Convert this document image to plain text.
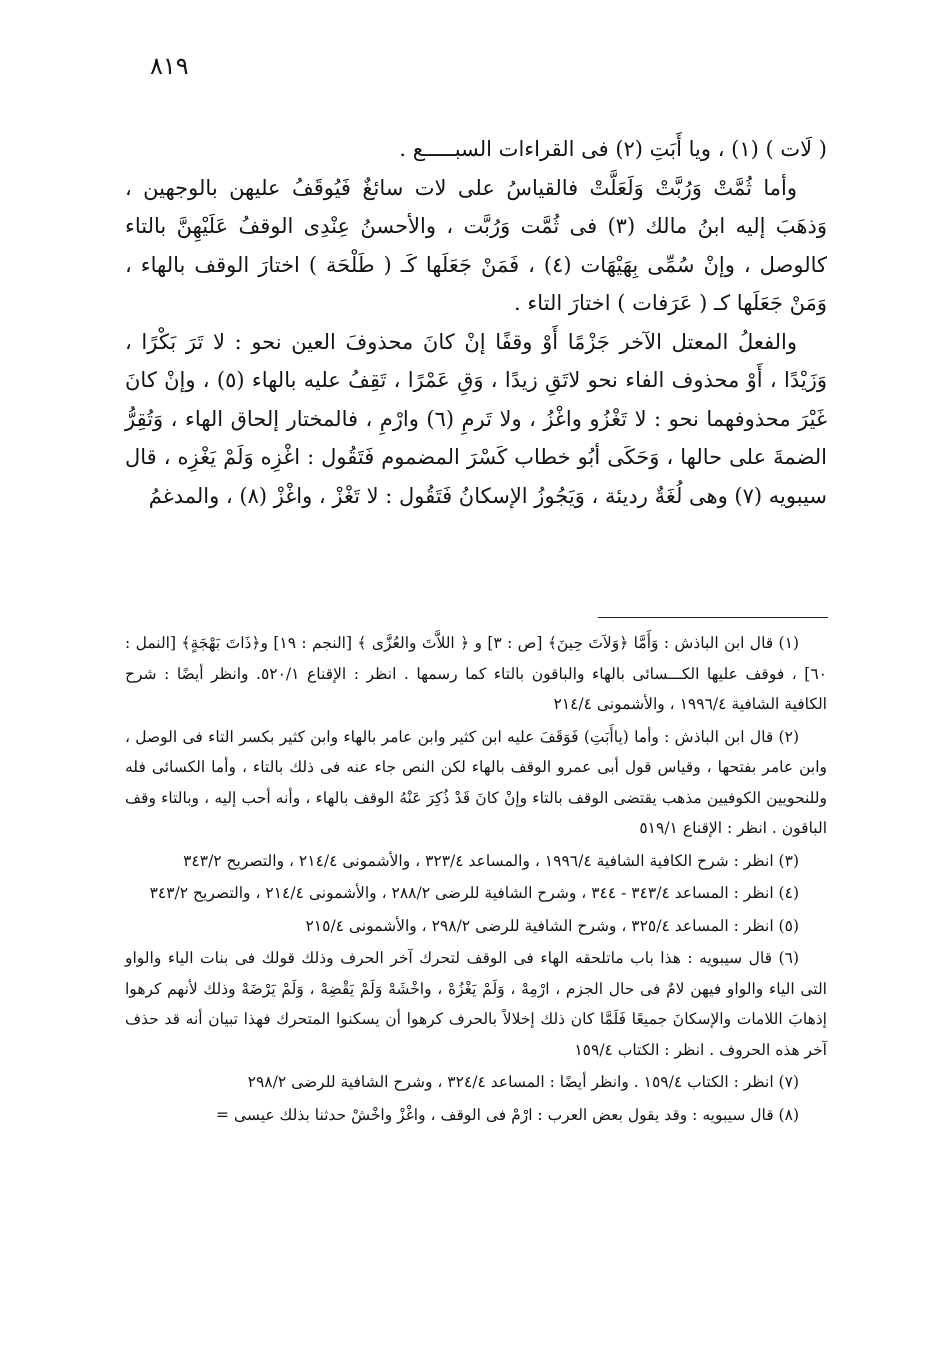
٨١٩

( لَات ) (١) ، ويا أَبَتِ (٢) فى القراءات السبـــــع .

وأما ثُمَّتْ وَرُبَّتْ وَلَعَلَّتْ فالقياسُ على لات سائغٌ فَيُوقَفُ عليهن بالوجهين ، وَذهَبَ إليه ابنُ مالك (٣) فى ثُمَّت وَرُبَّت ، والأحسنُ عِنْدِى الوقفُ عَلَيْهِنَّ بالتاء كالوصل ، وإنْ سُمِّى بِهَيْهَات (٤) ، فَمَنْ جَعَلَها كَـ ( طَلْحَة ) اختارَ الوقف بالهاء ، وَمَنْ جَعَلَها كـ ( عَرَفات ) اختارَ التاء .

والفعلُ المعتل الآخر جَزْمًا أَوْ وقفًا إنْ كانَ محذوفَ العين نحو : لا تَرَ بَكْرًا ، وَزَيْدًا ، أَوْ محذوف الفاء نحو لاتَقِ زيدًا ، وَقِ عَمْرًا ، تَقِفُ عليه بالهاء (٥) ، وإنْ كانَ غَيْرَ محذوفهما نحو : لا تَغْزُو واغْزُ ، ولا تَرمِ (٦) وارْمِ ، فالمختار إلحاق الهاء ، وَتُقِرُّ الضمةَ على حالها ، وَحَكَى أبُو خطاب كَسْرَ المضموم فَتَقُول : اغْزِه وَلَمْ يَغْزِه ، قال سيبويه (٧) وهى لُغَةٌ رديئة ، وَيَجُوزُ الإسكانُ فَتَقُول : لا تَغْزْ ، واغْزْ (٨) ، والمدغمُ

(١) قال ابن الباذش : وَأَمَّا ﴿وَلاَتَ حِينَ﴾ [ص : ٣] و ﴿ اللاَّتَ والعُزَّى ﴾ [النجم : ١٩] و﴿ذَاتَ بَهْجَةٍ﴾ [النمل : ٦٠] ، فوقف عليها الكـــسائى بالهاء والباقون بالتاء كما رسمها . انظر : الإقناع ٥٢٠/١. وانظر أيضًا : شرح الكافية الشافية ١٩٩٦/٤ ، والأشمونى ٢١٤/٤

(٢) قال ابن الباذش : وأما (ياأَبَتِ) فَوَقَفَ عليه ابن كثير وابن عامر بالهاء وابن كثير بكسر التاء فى الوصل ، وابن عامر بفتحها ، وقياس قول أبى عمرو الوقف بالهاء لكن النص جاء عنه فى ذلك بالتاء ، وأما الكسائى فله وللنحويين الكوفيين مذهب يقتضى الوقف بالتاء وإنْ كانَ قَدْ ذُكِرَ عَنْهُ الوقف بالهاء ، وأنه أحب إليه ، وبالتاء وقف الباقون . انظر : الإقناع ٥١٩/١

(٣) انظر : شرح الكافية الشافية ١٩٩٦/٤ ، والمساعد ٣٢٣/٤ ، والأشمونى ٢١٤/٤ ، والتصريح ٣٤٣/٢

(٤) انظر : المساعد ٣٤٣/٤ - ٣٤٤ ، وشرح الشافية للرضى ٢٨٨/٢ ، والأشمونى ٢١٤/٤ ، والتصريح ٣٤٣/٢

(٥) انظر : المساعد ٣٢٥/٤ ، وشرح الشافية للرضى ٢٩٨/٢ ، والأشمونى ٢١٥/٤

(٦) قال سيبويه : هذا باب ماتلحقه الهاء فى الوقف لتحرك آخر الحرف وذلك قولك فى بنات الياء والواو التى الياء والواو فيهن لامٌ فى حال الجزم ، ارْمِهْ ، وَلَمْ يَغْزُهْ ، واخْشَهْ وَلَمْ يَقْضِهْ ، وَلَمْ يَرْضَهْ وذلك لأنهم كرهوا إذهابَ اللامات والإسكانَ جميعًا فَلَمَّا كان ذلك إخلالاً بالحرف كرهوا أن يسكنوا المتحرك فهذا تبيان أنه قد حذف آخر هذه الحروف . انظر : الكتاب ١٥٩/٤

(٧) انظر : الكتاب ١٥٩/٤ . وانظر أيضًا : المساعد ٣٢٤/٤ ، وشرح الشافية للرضى ٢٩٨/٢

(٨) قال سيبويه : وقد يقول بعض العرب : ارْمْ فى الوقف ، واغْزْ واخْشْ حدثنا بذلك عيسى =
